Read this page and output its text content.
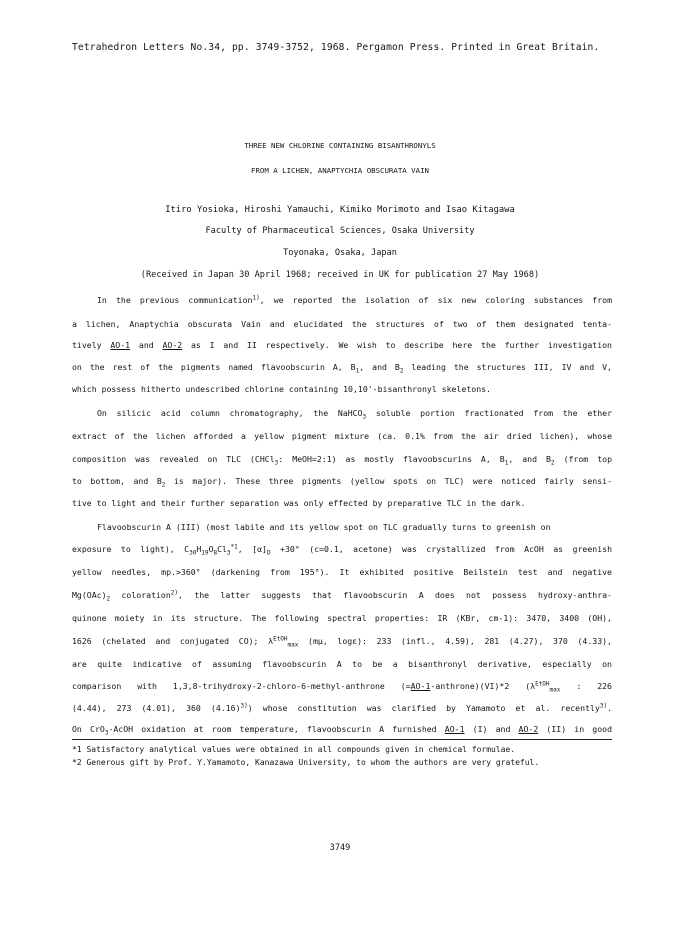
Tetrahedron Letters No.34, pp. 3749-3752, 1968. Pergamon Press. Printed in Great Britain.
THREE NEW CHLORINE CONTAINING BISANTHRONYLS
FROM A LICHEN, ANAPTYCHIA OBSCURATA VAIN
Itiro Yosioka, Hiroshi Yamauchi, Kimiko Morimoto and Isao Kitagawa
Faculty of Pharmaceutical Sciences, Osaka University
Toyonaka, Osaka, Japan
(Received in Japan 30 April 1968; received in UK for publication 27 May 1968)
In the previous communication$^{1)}$, we reported the isolation of six new coloring substances from
a lichen, Anaptychia obscurata Vain and elucidated the structures of two of them designated tenta-
tively AO-1 and AO-2 as I and II respectively. We wish to describe here the further investigation
on the rest of the pigments named flavoobscurin A, $B_1$, and $B_2$ leading the structures III, IV and V,
which possess hitherto undescribed chlorine containing 10,10'-bisanthronyl skeletons.
On silicic acid column chromatography, the NaHCO$_3$ soluble portion fractionated from the ether
extract of the lichen afforded a yellow pigment mixture (ca. 0.1% from the air dried lichen), whose
composition was revealed on TLC (CHCl$_3$: MeOH=2:1) as mostly flavoobscurins A, $B_1$, and $B_2$ (from top
to bottom, and $B_2$ is major). These three pigments (yellow spots on TLC) were noticed fairly sensi-
tive to light and their further separation was only effected by preparative TLC in the dark.
Flavoobscurin A (III) (most labile and its yellow spot on TLC gradually turns to greenish on
exposure to light), $C_{30}H_{19}O_8Cl_3^{*1}$, $[\alpha]_D +30^\circ$ (c=0.1, acetone) was crystallized from AcOH as greenish
yellow needles, mp.>360° (darkening from 195°). It exhibited positive Beilstein test and negative
$Mg(OAc)_2$ coloration$^{2)}$, the latter suggests that flavoobscurin A does not possess hydroxy-anthra-
quinone moiety in its structure. The following spectral properties: IR (KBr, cm-1): 3470, 3400 (OH),
1626 (chelated and conjugated CO); $\lambda^{EtOH}_{max}$ (mμ, logε): 233 (infl., 4.59), 281 (4.27), 370 (4.33),
are quite indicative of assuming flavoobscurin A to be a bisanthronyl derivative, especially on
comparison with 1,3,8-trihydroxy-2-chloro-6-methyl-anthrone (=AO-1-anthrone)(VI)*2 ($\lambda^{EtOH}_{max}$ : 226
(4.44), 273 (4.01), 360 $(4.16)^{3)}$) whose constitution was clarified by Yamamoto et al. recently$^{3)}$.
On CrO$_3$-AcOH oxidation at room temperature, flavoobscurin A furnished AO-1 (I) and AO-2 (II) in good
*1 Satisfactory analytical values were obtained in all compounds given in chemical formulae.
*2 Generous gift by Prof. Y.Yamamoto, Kanazawa University, to whom the authors are very grateful.
3749
